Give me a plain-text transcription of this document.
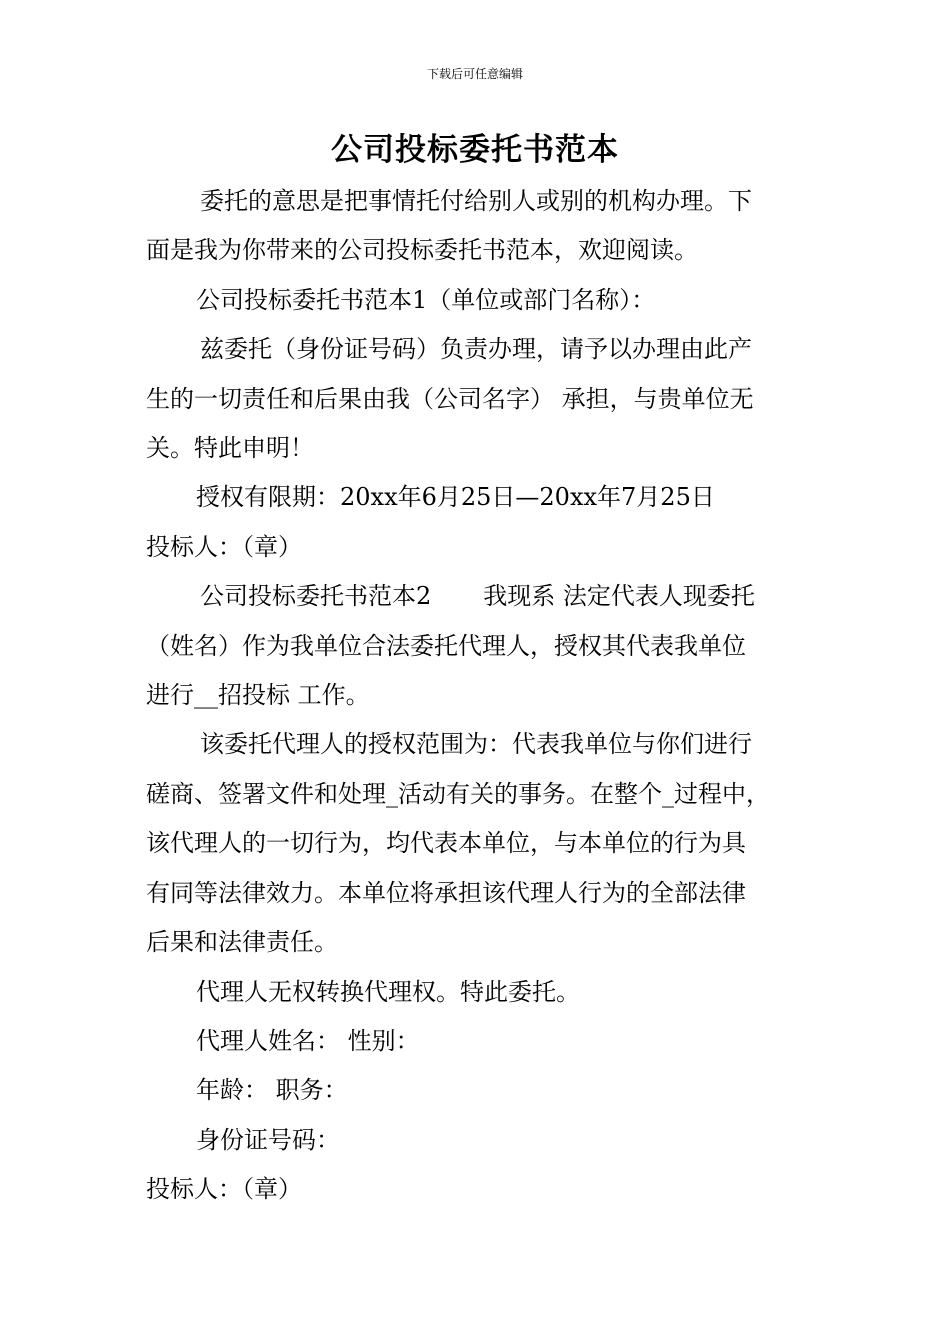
下载后可任意编辑
公司投标委托书范本

委托的意思是把事情托付给别人或别的机构办理。下

面是我为你带来的公司投标委托书范本，欢迎阅读。

公司投标委托书范本1（单位或部门名称）：

兹委托（身份证号码）负责办理，请予以办理由此产

生的一切责任和后果由我（公司名字） 承担，与贵单位无

关。特此申明！

授权有限期：20xx年6月25日—20xx年7月25日

投标人：（章）

公司投标委托书范本2 我现系 法定代表人现委托

（姓名）作为我单位合法委托代理人，授权其代表我单位

进行__招投标 工作。

该委托代理人的授权范围为：代表我单位与你们进行

磋商、签署文件和处理_活动有关的事务。在整个_过程中，

该代理人的一切行为，均代表本单位，与本单位的行为具

有同等法律效力。本单位将承担该代理人行为的全部法律

后果和法律责任。

代理人无权转换代理权。特此委托。

代理人姓名： 性别：

年龄： 职务：

身份证号码：

投标人：（章）
